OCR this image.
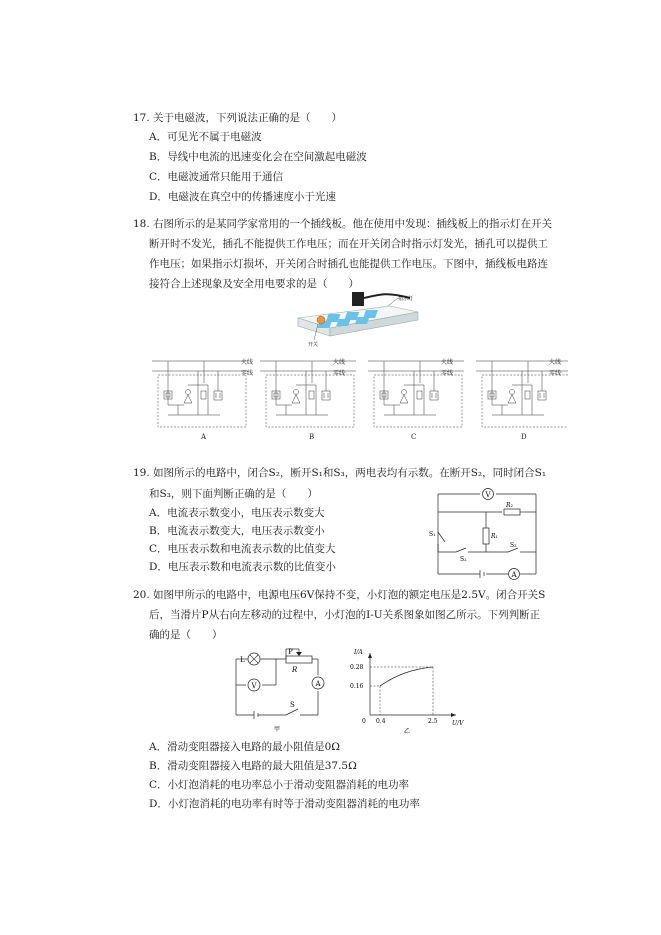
17. 关于电磁波，下列说法正确的是（　　）
A．可见光不属于电磁波
B．导线中电流的迅速变化会在空间激起电磁波
C．电磁波通常只能用于通信
D．电磁波在真空中的传播速度小于光速
18. 右图所示的是某同学家常用的一个插线板。他在使用中发现：插线板上的指示灯在开关
断开时不发光，插孔不能提供工作电压；而在开关闭合时指示灯发光，插孔可以提供工
作电压；如果指示灯损坏，开关闭合时插孔也能提供工作电压。下图中，插线板电路连
接符合上述现象及安全用电要求的是（　　）
指示灯
开关
火线
零线
火线
零线
火线
零线
火线
零线
A	B	C	D
19. 如图所示的电路中，闭合S₂，断开S₁和S₃，两电表均有示数。在断开S₂，同时闭合S₁
和S₃，则下面判断正确的是（　　）
A．电流表示数变小，电压表示数变大
B．电流表示数变大，电压表示数变小
C．电压表示数和电流表示数的比值变大
D．电压表示数和电流表示数的比值变小
V
A
R₂
R₁
S₁
S₂
S₃
20. 如图甲所示的电路中，电源电压6V保持不变，小灯泡的额定电压是2.5V。闭合开关S
后，当滑片P从右向左移动的过程中，小灯泡的I-U关系图象如图乙所示。下列判断正
确的是（　　）
V	A
L
P
R
S
甲
I/A
0.28
0.16
0 0.4	2.5 U/V
乙
A．滑动变阻器接入电路的最小阻值是0Ω
B．滑动变阻器接入电路的最大阻值是37.5Ω
C．小灯泡消耗的电功率总小于滑动变阻器消耗的电功率
D．小灯泡消耗的电功率有时等于滑动变阻器消耗的电功率
